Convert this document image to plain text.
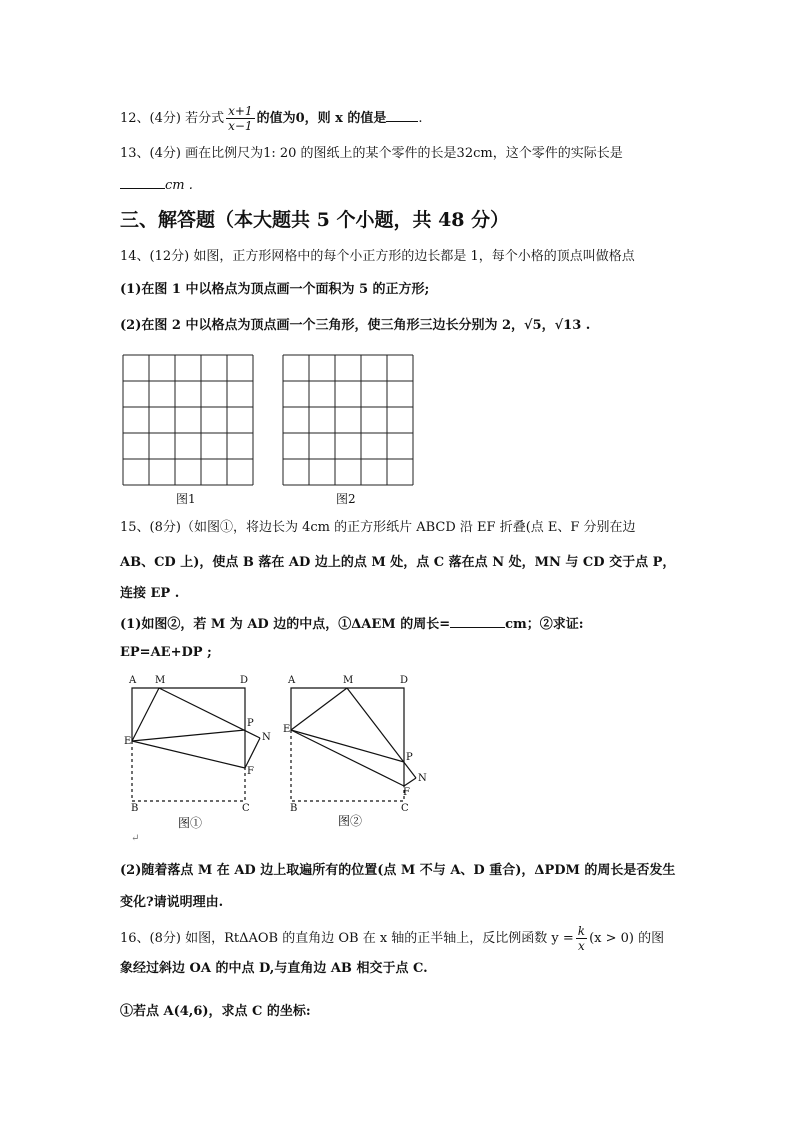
12、(4分) 若分式 $\frac{x+1}{x-1}$ 的值为0，则 x 的值是 .
13、(4分) 画在比例尺为1: 20 的图纸上的某个零件的长是32cm，这个零件的实际长是
cm .
三、解答题（本大题共 5 个小题，共 48 分）
14、(12分) 如图，正方形网格中的每个小正方形的边长都是 1，每个小格的顶点叫做格点
(1)在图 1 中以格点为顶点画一个面积为 5 的正方形;
(2)在图 2 中以格点为顶点画一个三角形，使三角形三边长分别为 2，√5，√13 .
图1	图2
15、(8分)（如图①，将边长为 4cm 的正方形纸片 ABCD 沿 EF 折叠(点 E、F 分别在边
AB、CD 上)，使点 B 落在 AD 边上的点 M 处，点 C 落在点 N 处，MN 与 CD 交于点 P，
连接 EP .
(1)如图②，若 M 为 AD 边的中点，①ΔAEM 的周长=	cm；②求证:
EP=AE+DP ;
A M	D
E
P
N
F
B	C
A	M	D
E
P
N
F
B	C
图①	图②
↵
(2)随着落点 M 在 AD 边上取遍所有的位置(点 M 不与 A、D 重合)，ΔPDM 的周长是否发生
变化?请说明理由.
16、(8分) 如图，RtΔAOB 的直角边 OB 在 x 轴的正半轴上，反比例函数 $y = \frac{k}{x} (x > 0)$ 的图
象经过斜边 OA 的中点 D,与直角边 AB 相交于点 C.
①若点 A(4,6)，求点 C 的坐标:
